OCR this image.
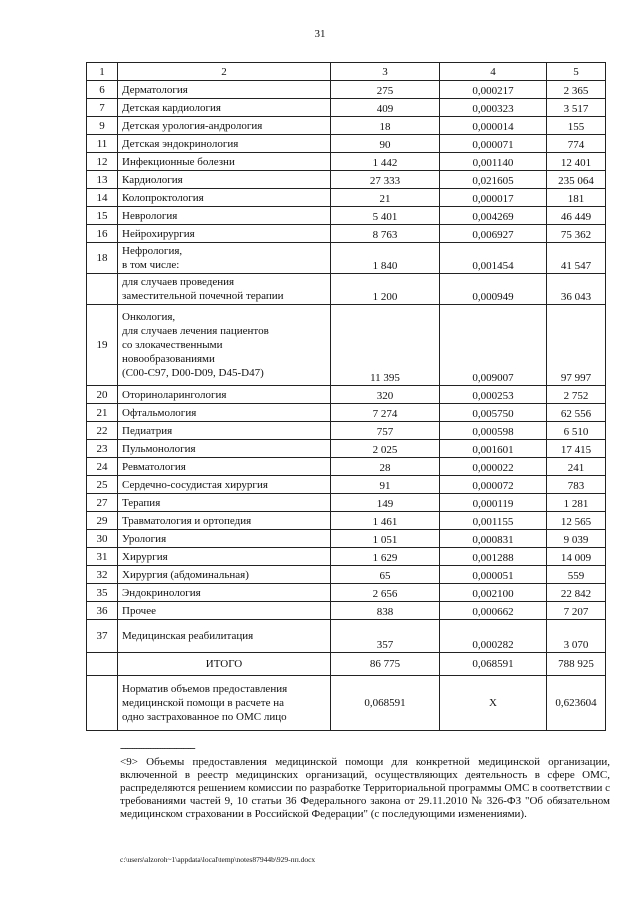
31
1	2	3	4	5
6	Дерматология	275	0,000217	2 365
7	Детская кардиология	409	0,000323	3 517
9	Детская урология-андрология	18	0,000014	155
11	Детская эндокринология	90	0,000071	774
12	Инфекционные болезни	1 442	0,001140	12 401
13	Кардиология	27 333	0,021605	235 064
14	Колопроктология	21	0,000017	181
15	Неврология	5 401	0,004269	46 449
16	Нейрохирургия	8 763	0,006927	75 362
18	Нефрология,
в том числе:	1 840	0,001454	41 547
	для случаев проведения
заместительной почечной терапии	1 200	0,000949	36 043
19	Онкология,
для случаев лечения пациентов
со злокачественными
новообразованиями
(C00-C97, D00-D09, D45-D47)	11 395	0,009007	97 997
20	Оториноларингология	320	0,000253	2 752
21	Офтальмология	7 274	0,005750	62 556
22	Педиатрия	757	0,000598	6 510
23	Пульмонология	2 025	0,001601	17 415
24	Ревматология	28	0,000022	241
25	Сердечно-сосудистая хирургия	91	0,000072	783
27	Терапия	149	0,000119	1 281
29	Травматология и ортопедия	1 461	0,001155	12 565
30	Урология	1 051	0,000831	9 039
31	Хирургия	1 629	0,001288	14 009
32	Хирургия (абдоминальная)	65	0,000051	559
35	Эндокринология	2 656	0,002100	22 842
36	Прочее	838	0,000662	7 207
37	Медицинская реабилитация	357	0,000282	3 070
	ИТОГО	86 775	0,068591	788 925
	Норматив объемов предоставления
медицинской помощи в расчете на
одно застрахованное по ОМС лицо	0,068591	X	0,623604
--------------------------------
<9> Объемы предоставления медицинской помощи для конкретной медицинской организации, включенной в реестр медицинских организаций, осуществляющих деятельность в сфере ОМС, распределяются решением комиссии по разработке Территориальной программы ОМС в соответствии с требованиями частей 9, 10 статьи 36 Федерального закона от 29.11.2010 № 326-ФЗ "Об обязательном медицинском страховании в Российской Федерации" (с последующими изменениями).
c:\users\alzoroh~1\appdata\local\temp\notes87944b\929-пп.docx
